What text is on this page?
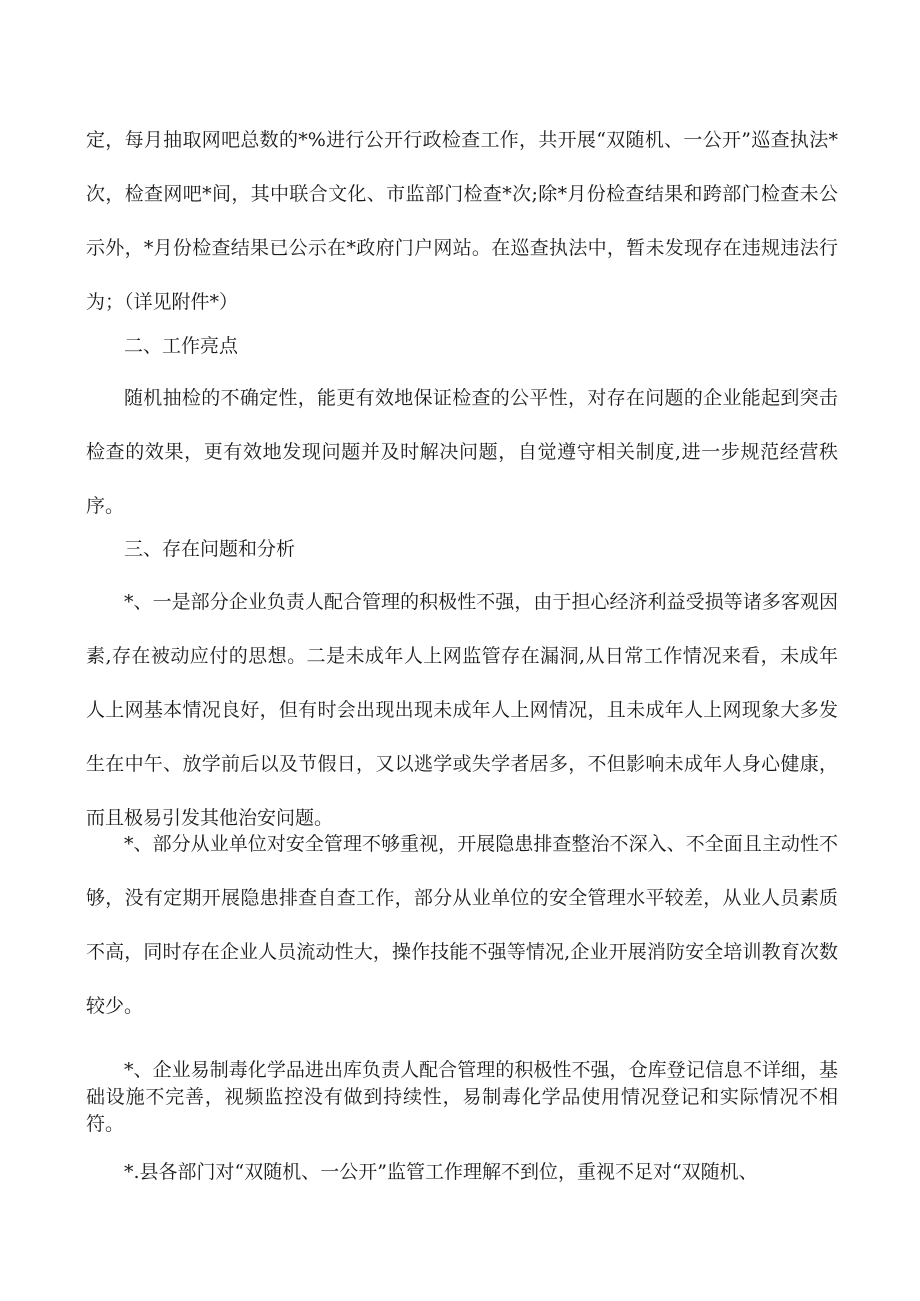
定，每月抽取网吧总数的*%进行公开行政检查工作，共开展“双随机、一公开”巡查执法*次，检查网吧*间，其中联合文化、市监部门检查*次;除*月份检查结果和跨部门检查未公示外，*月份检查结果已公示在*政府门户网站。在巡查执法中，暂未发现存在违规违法行为；（详见附件*）

二、工作亮点

随机抽检的不确定性，能更有效地保证检查的公平性，对存在问题的企业能起到突击检查的效果，更有效地发现问题并及时解决问题，自觉遵守相关制度,进一步规范经营秩序。

三、存在问题和分析

*、一是部分企业负责人配合管理的积极性不强，由于担心经济利益受损等诸多客观因素,存在被动应付的思想。二是未成年人上网监管存在漏洞,从日常工作情况来看，未成年人上网基本情况良好，但有时会出现出现未成年人上网情况，且未成年人上网现象大多发生在中午、放学前后以及节假日，又以逃学或失学者居多，不但影响未成年人身心健康，而且极易引发其他治安问题。

*、部分从业单位对安全管理不够重视，开展隐患排查整治不深入、不全面且主动性不够，没有定期开展隐患排查自查工作，部分从业单位的安全管理水平较差，从业人员素质不高，同时存在企业人员流动性大，操作技能不强等情况,企业开展消防安全培训教育次数较少。

*、企业易制毒化学品进出库负责人配合管理的积极性不强，仓库登记信息不详细，基础设施不完善，视频监控没有做到持续性，易制毒化学品使用情况登记和实际情况不相符。

*.县各部门对“双随机、一公开”监管工作理解不到位，重视不足对“双随机、
